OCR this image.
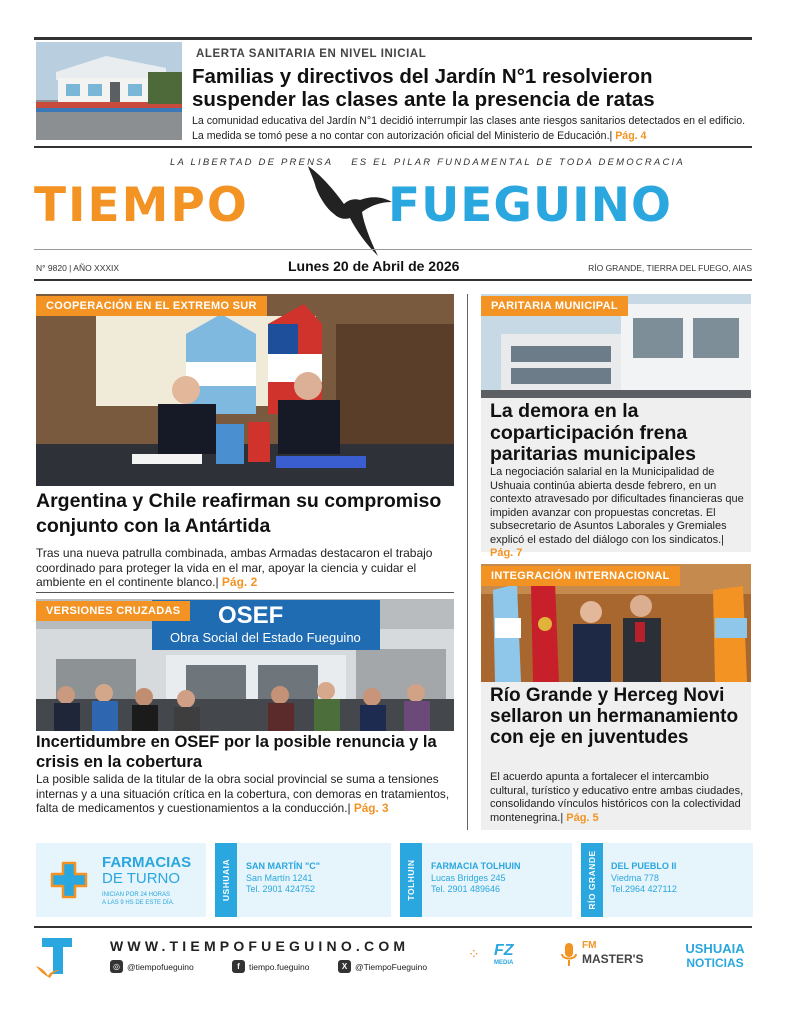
ALERTA SANITARIA EN NIVEL INICIAL
Familias y directivos del Jardín N°1 resolvieron suspender las clases ante la presencia de ratas
La comunidad educativa del Jardín N°1 decidió interrumpir las clases ante riesgos sanitarios detectados en el edificio. La medida se tomó pese a no contar con autorización oficial del Ministerio de Educación.| Pág. 4
LA LIBERTAD DE PRENSA ES EL PILAR FUNDAMENTAL DE TODA DEMOCRACIA
TIEMPO	FUEGUINO
N° 9820 | AÑO XXXIX	Lunes 20 de Abril de 2026	RÍO GRANDE, TIERRA DEL FUEGO, AIAS
COOPERACIÓN EN EL EXTREMO SUR
Argentina y Chile reafirman su compromiso conjunto con la Antártida
Tras una nueva patrulla combinada, ambas Armadas destacaron el trabajo coordinado para proteger la vida en el mar, apoyar la ciencia y cuidar el ambiente en el continente blanco.| Pág. 2
OSEF
Obra Social del Estado Fueguino
VERSIONES CRUZADAS
Incertidumbre en OSEF por la posible renuncia y la crisis en la cobertura
La posible salida de la titular de la obra social provincial se suma a tensiones internas y a una situación crítica en la cobertura, con demoras en tratamientos, falta de medicamentos y cuestionamientos a la conducción.| Pág. 3
PARITARIA MUNICIPAL
La demora en la coparticipación frena paritarias municipales
La negociación salarial en la Municipalidad de Ushuaia continúa abierta desde febrero, en un contexto atravesado por dificultades financieras que impiden avanzar con propuestas concretas. El subsecretario de Asuntos Laborales y Gremiales explicó el estado del diálogo con los sindicatos.| Pág. 7
INTEGRACIÓN INTERNACIONAL
Río Grande y Herceg Novi sellaron un hermanamiento con eje en juventudes
El acuerdo apunta a fortalecer el intercambio cultural, turístico y educativo entre ambas ciudades, consolidando vínculos históricos con la colectividad montenegrina.| Pág. 5
FARMACIAS
DE TURNO
INICIAN POR 24 HORAS
A LAS 9 HS DE ESTE DÍA.
USHUAIA SAN MARTÍN "C"
San Martín 1241
Tel. 2901 424752	TOLHUIN FARMACIA TOLHUIN
Lucas Bridges 245
Tel. 2901 489646	RÍO GRANDE DEL PUEBLO II
Viedma 778
Tel.2964 427112
WWW.TIEMPOFUEGUINO.COM
◎ @tiempofueguino	f	tiempo.fueguino	X @TiempoFueguino
⁘ FZ
MEDIA
FM
MASTER'S
USHUAIA
NOTICIAS
